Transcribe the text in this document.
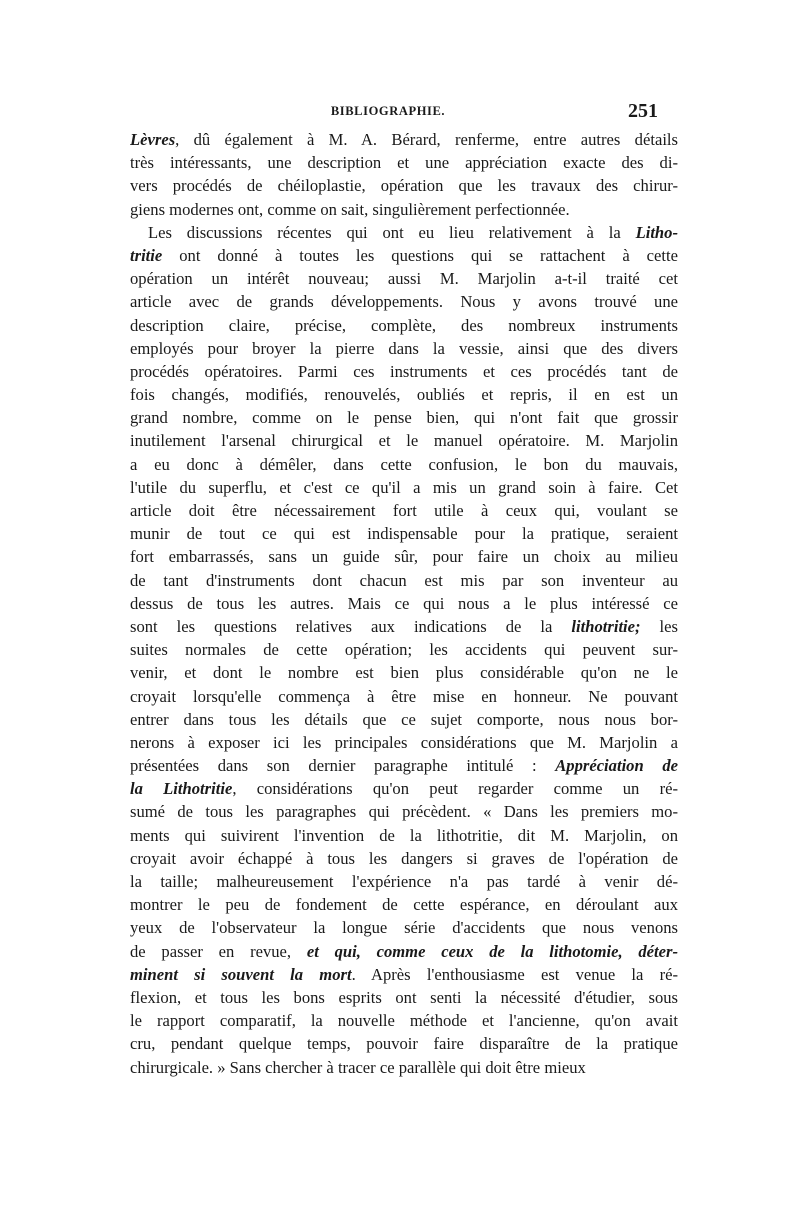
BIBLIOGRAPHIE.	251
Lèvres, dû également à M. A. Bérard, renferme, entre autres détails
très intéressants, une description et une appréciation exacte des di-
vers procédés de chéiloplastie, opération que les travaux des chirur-
giens modernes ont, comme on sait, singulièrement perfectionnée.
Les discussions récentes qui ont eu lieu relativement à la Litho-
tritie ont donné à toutes les questions qui se rattachent à cette
opération un intérêt nouveau; aussi M. Marjolin a-t-il traité cet
article avec de grands développements. Nous y avons trouvé une
description claire, précise, complète, des nombreux instruments
employés pour broyer la pierre dans la vessie, ainsi que des divers
procédés opératoires. Parmi ces instruments et ces procédés tant de
fois changés, modifiés, renouvelés, oubliés et repris, il en est un
grand nombre, comme on le pense bien, qui n'ont fait que grossir
inutilement l'arsenal chirurgical et le manuel opératoire. M. Marjolin
a eu donc à démêler, dans cette confusion, le bon du mauvais,
l'utile du superflu, et c'est ce qu'il a mis un grand soin à faire. Cet
article doit être nécessairement fort utile à ceux qui, voulant se
munir de tout ce qui est indispensable pour la pratique, seraient
fort embarrassés, sans un guide sûr, pour faire un choix au milieu
de tant d'instruments dont chacun est mis par son inventeur au
dessus de tous les autres. Mais ce qui nous a le plus intéressé ce
sont les questions relatives aux indications de la lithotritie; les
suites normales de cette opération; les accidents qui peuvent sur-
venir, et dont le nombre est bien plus considérable qu'on ne le
croyait lorsqu'elle commença à être mise en honneur. Ne pouvant
entrer dans tous les détails que ce sujet comporte, nous nous bor-
nerons à exposer ici les principales considérations que M. Marjolin a
présentées dans son dernier paragraphe intitulé : Appréciation de
la Lithotritie, considérations qu'on peut regarder comme un ré-
sumé de tous les paragraphes qui précèdent. « Dans les premiers mo-
ments qui suivirent l'invention de la lithotritie, dit M. Marjolin, on
croyait avoir échappé à tous les dangers si graves de l'opération de
la taille; malheureusement l'expérience n'a pas tardé à venir dé-
montrer le peu de fondement de cette espérance, en déroulant aux
yeux de l'observateur la longue série d'accidents que nous venons
de passer en revue, et qui, comme ceux de la lithotomie, déter-
minent si souvent la mort. Après l'enthousiasme est venue la ré-
flexion, et tous les bons esprits ont senti la nécessité d'étudier, sous
le rapport comparatif, la nouvelle méthode et l'ancienne, qu'on avait
cru, pendant quelque temps, pouvoir faire disparaître de la pratique
chirurgicale. » Sans chercher à tracer ce parallèle qui doit être mieux
